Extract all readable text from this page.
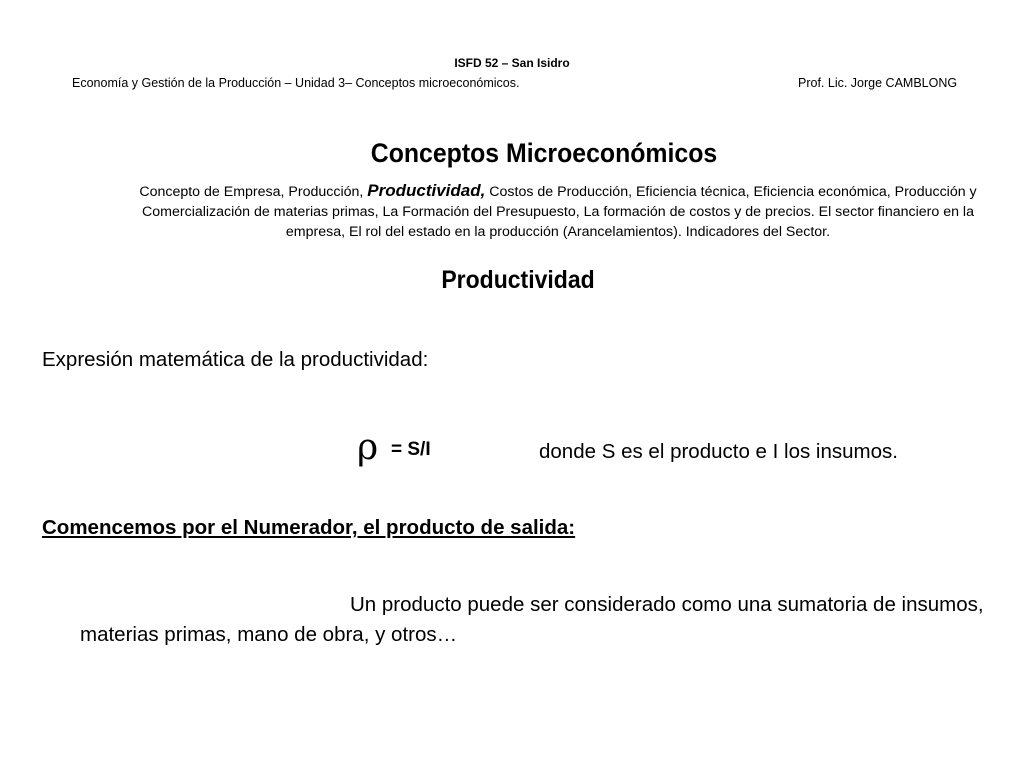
ISFD 52 – San Isidro
Economía y Gestión de la Producción – Unidad 3– Conceptos microeconómicos.	Prof. Lic. Jorge CAMBLONG
Conceptos Microeconómicos
Concepto de Empresa, Producción, Productividad, Costos de Producción, Eficiencia técnica, Eficiencia económica, Producción y Comercialización de materias primas, La Formación del Presupuesto, La formación de costos y de precios. El sector financiero en la empresa, El rol del estado en la producción (Arancelamientos). Indicadores del Sector.
Productividad
Expresión matemática de la productividad:
ρ = S/I	donde S es el producto e I los insumos.
Comencemos por el Numerador, el producto de salida:
Un producto puede ser considerado como una sumatoria de insumos, materias primas, mano de obra, y otros…
